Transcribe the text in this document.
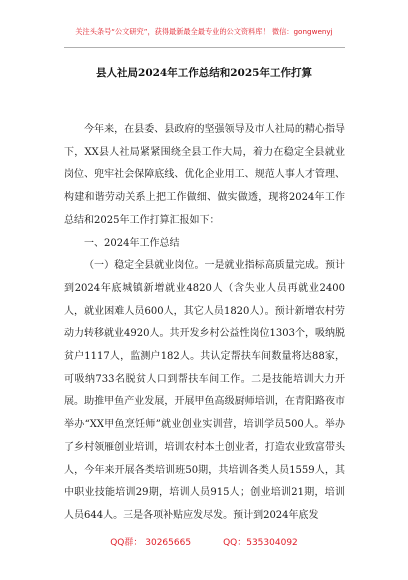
关注头条号“公文研究”，获得最新最全最专业的公文资料库！ 微信：gongwenyj
县人社局2024年工作总结和2025年工作打算

今年来，在县委、县政府的坚强领导及市人社局的精心指导下，XX县人社局紧紧围绕全县工作大局，着力在稳定全县就业岗位、兜牢社会保障底线、优化企业用工、规范人事人才管理、构建和谐劳动关系上把工作做细、做实做透，现将2024年工作总结和2025年工作打算汇报如下：

一、2024年工作总结

（一）稳定全县就业岗位。一是就业指标高质量完成。预计到2024年底城镇新增就业4820人（含失业人员再就业2400人，就业困难人员600人，其它人员1820人）。预计新增农村劳动力转移就业4920人。共开发乡村公益性岗位1303个，吸纳脱贫户1117人，监测户182人。共认定帮扶车间数量将达88家，可吸纳733名脱贫人口到帮扶车间工作。二是技能培训大力开展。助推甲鱼产业发展，开展甲鱼高级厨师培训，在青阳路夜市举办“XX甲鱼烹饪师”就业创业实训营，培训学员500人。举办了乡村领雁创业培训，培训农村本土创业者，打造农业致富带头人，今年来开展各类培训班50期，共培训各类人员1559人，其中职业技能培训29期，培训人员915人；创业培训21期，培训人员644人。三是各项补贴应发尽发。预计到2024年底发

QQ群： 30265665	QQ：535304092
